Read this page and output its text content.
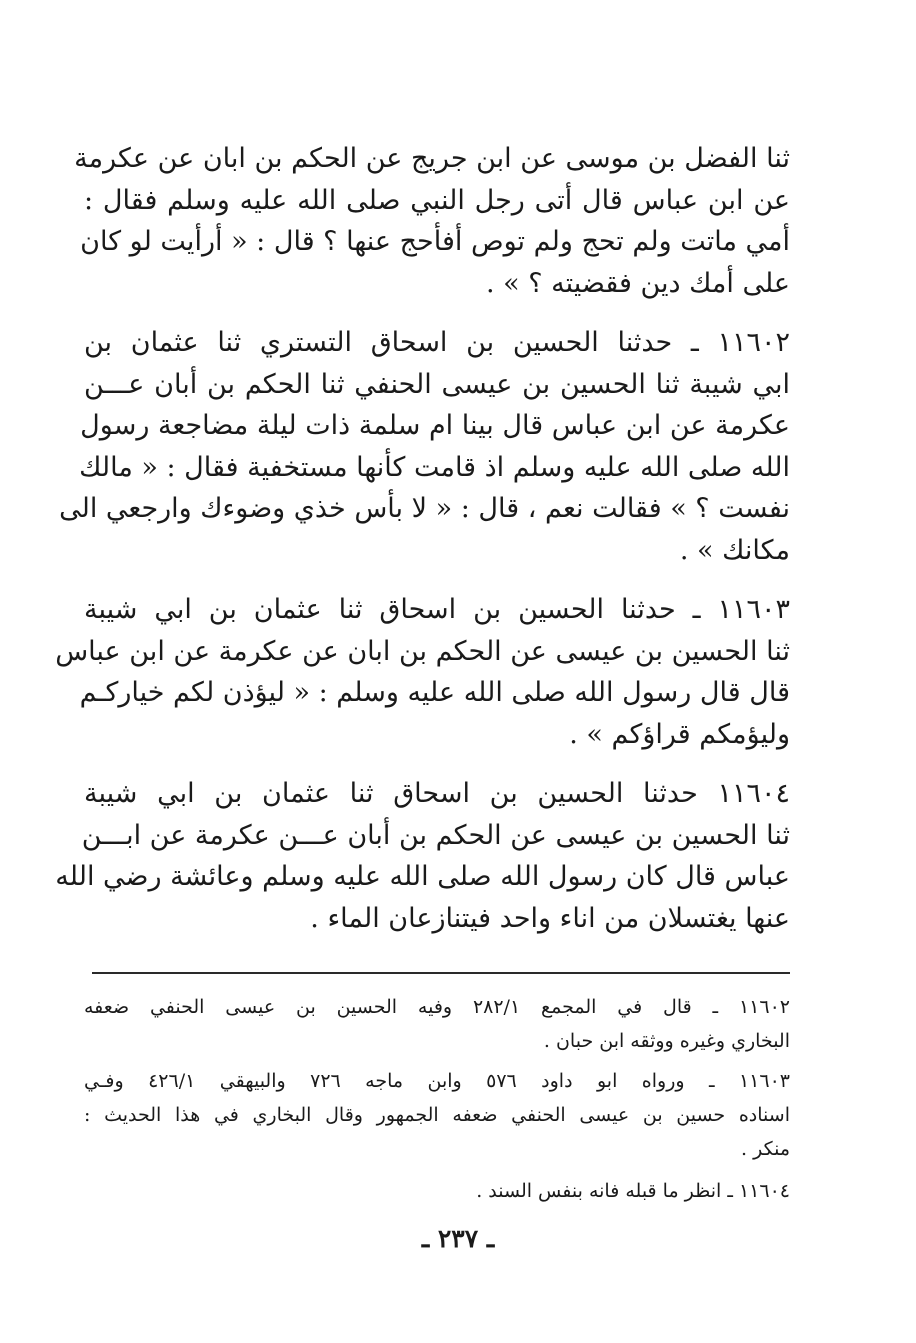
ثنا الفضل بن موسى عن ابن جريج عن الحكم بن ابان عن عكرمة
عن ابن عباس قال أتى رجل النبي صلى الله عليه وسلم فقال :
أمي ماتت ولم تحج ولم توص أفأحج عنها ؟ قال : « أرأيت لو كان
على أمك دين فقضيته ؟ » .
١١٦٠٢ ـ حدثنا الحسين بن اسحاق التستري ثنا عثمان بن
ابي شيبة ثنا الحسين بن عيسى الحنفي ثنا الحكم بن أبان عـــن
عكرمة عن ابن عباس قال بينا ام سلمة ذات ليلة مضاجعة رسول
الله صلى الله عليه وسلم اذ قامت كأنها مستخفية فقال : « مالك
نفست ؟ » فقالت نعم ، قال : « لا بأس خذي وضوءك وارجعي الى
مكانك » .
١١٦٠٣ ـ حدثنا الحسين بن اسحاق ثنا عثمان بن ابي شيبة
ثنا الحسين بن عيسى عن الحكم بن ابان عن عكرمة عن ابن عباس
قال قال رسول الله صلى الله عليه وسلم : « ليؤذن لكم خياركـم
وليؤمكم قراؤكم » .
١١٦٠٤ حدثنا الحسين بن اسحاق ثنا عثمان بن ابي شيبة
ثنا الحسين بن عيسى عن الحكم بن أبان عـــن عكرمة عن ابـــن
عباس قال كان رسول الله صلى الله عليه وسلم وعائشة رضي الله
عنها يغتسلان من اناء واحد فيتنازعان الماء .
١١٦٠٢ ـ قال في المجمع ٢٨٢/١ وفيه الحسين بن عيسى الحنفي ضعفه
البخاري وغيره ووثقه ابن حبان .
١١٦٠٣ ـ ورواه ابو داود ٥٧٦ وابن ماجه ٧٢٦ والبيهقي ٤٢٦/١ وفـي
اسناده حسين بن عيسى الحنفي ضعفه الجمهور وقال البخاري في هذا الحديث :
منكر .
١١٦٠٤ ـ انظر ما قبله فانه بنفس السند .
ـ ٢٣٧ ـ
